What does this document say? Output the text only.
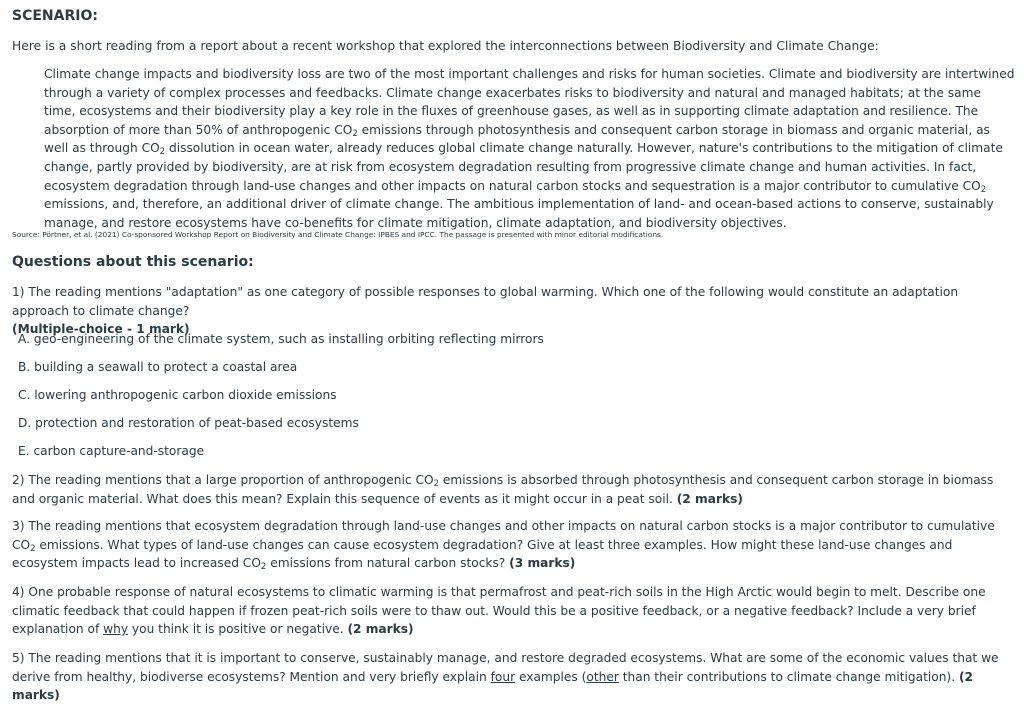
SCENARIO:

Here is a short reading from a report about a recent workshop that explored the interconnections between Biodiversity and Climate Change:

Climate change impacts and biodiversity loss are two of the most important challenges and risks for human societies. Climate and biodiversity are intertwined through a variety of complex processes and feedbacks. Climate change exacerbates risks to biodiversity and natural and managed habitats; at the same time, ecosystems and their biodiversity play a key role in the fluxes of greenhouse gases, as well as in supporting climate adaptation and resilience. The absorption of more than 50% of anthropogenic $CO_2$ emissions through photosynthesis and consequent carbon storage in biomass and organic material, as well as through $CO_2$ dissolution in ocean water, already reduces global climate change naturally. However, nature's contributions to the mitigation of climate change, partly provided by biodiversity, are at risk from ecosystem degradation resulting from progressive climate change and human activities. In fact, ecosystem degradation through land-use changes and other impacts on natural carbon stocks and sequestration is a major contributor to cumulative $CO_2$ emissions, and, therefore, an additional driver of climate change. The ambitious implementation of land- and ocean-based actions to conserve, sustainably manage, and restore ecosystems have co-benefits for climate mitigation, climate adaptation, and biodiversity objectives.

Source: Pörtner, et al. (2021) Co-sponsored Workshop Report on Biodiversity and Climate Change: IPBES and IPCC. The passage is presented with minor editorial modifications.

Questions about this scenario:

1) The reading mentions "adaptation" as one category of possible responses to global warming. Which one of the following would constitute an adaptation approach to climate change?
(Multiple-choice - 1 mark)

A. geo-engineering of the climate system, such as installing orbiting reflecting mirrors

B. building a seawall to protect a coastal area

C. lowering anthropogenic carbon dioxide emissions

D. protection and restoration of peat-based ecosystems

E. carbon capture-and-storage

2) The reading mentions that a large proportion of anthropogenic $CO_2$ emissions is absorbed through photosynthesis and consequent carbon storage in biomass and organic material. What does this mean? Explain this sequence of events as it might occur in a peat soil. (2 marks)

3) The reading mentions that ecosystem degradation through land-use changes and other impacts on natural carbon stocks is a major contributor to cumulative $CO_2$ emissions. What types of land-use changes can cause ecosystem degradation? Give at least three examples. How might these land-use changes and ecosystem impacts lead to increased $CO_2$ emissions from natural carbon stocks? (3 marks)

4) One probable response of natural ecosystems to climatic warming is that permafrost and peat-rich soils in the High Arctic would begin to melt. Describe one climatic feedback that could happen if frozen peat-rich soils were to thaw out. Would this be a positive feedback, or a negative feedback? Include a very brief explanation of why you think it is positive or negative. (2 marks)

5) The reading mentions that it is important to conserve, sustainably manage, and restore degraded ecosystems. What are some of the economic values that we derive from healthy, biodiverse ecosystems? Mention and very briefly explain four examples (other than their contributions to climate change mitigation). (2 marks)
